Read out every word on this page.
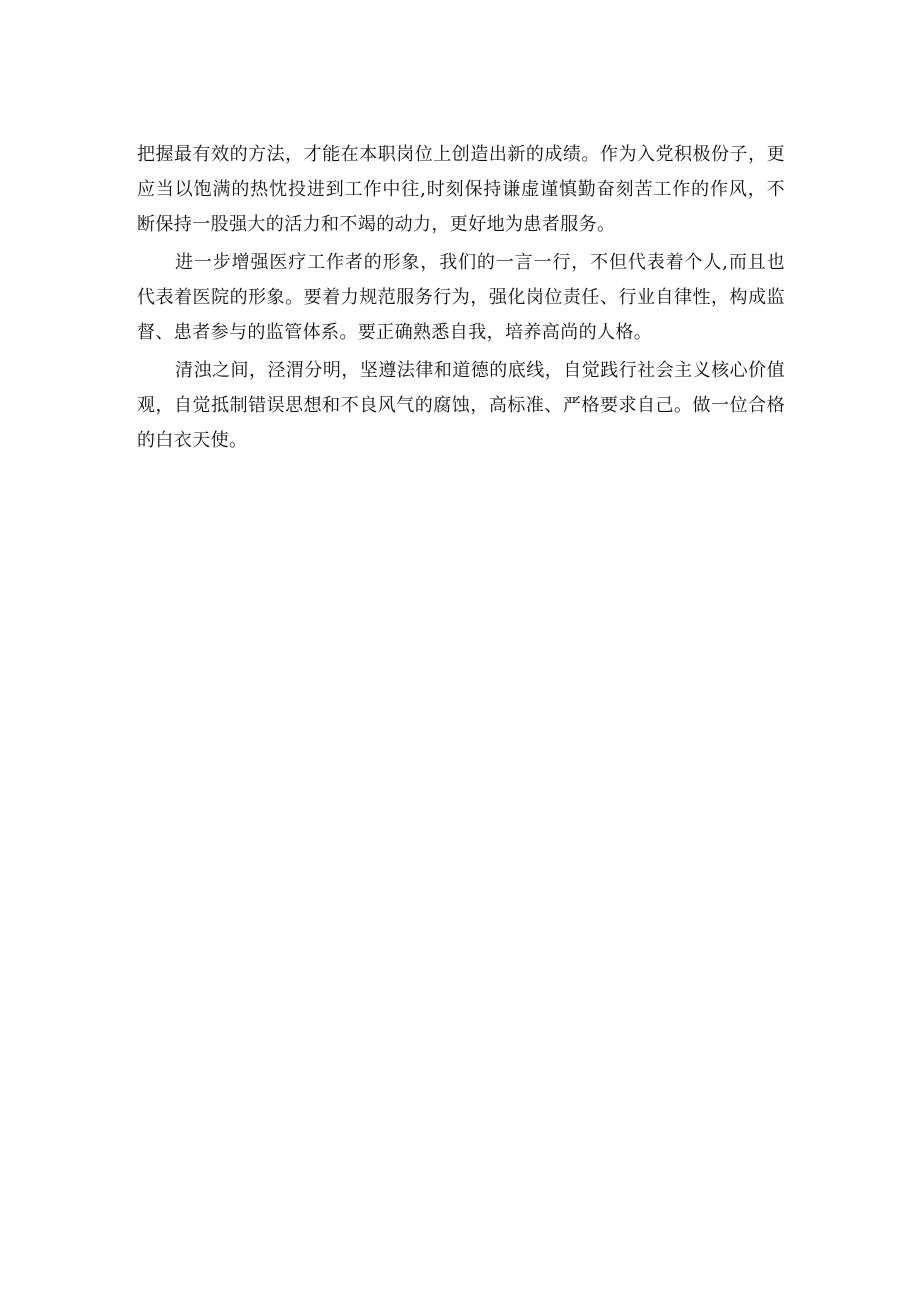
把握最有效的方法，才能在本职岗位上创造出新的成绩。作为入党积极份子，更应当以饱满的热忱投进到工作中往,时刻保持谦虚谨慎勤奋刻苦工作的作风，不断保持一股强大的活力和不竭的动力，更好地为患者服务。

进一步增强医疗工作者的形象，我们的一言一行，不但代表着个人,而且也代表着医院的形象。要着力规范服务行为，强化岗位责任、行业自律性，构成监督、患者参与的监管体系。要正确熟悉自我，培养高尚的人格。

清浊之间，泾渭分明，坚遵法律和道德的底线，自觉践行社会主义核心价值观，自觉抵制错误思想和不良风气的腐蚀，高标准、严格要求自己。做一位合格的白衣天使。
